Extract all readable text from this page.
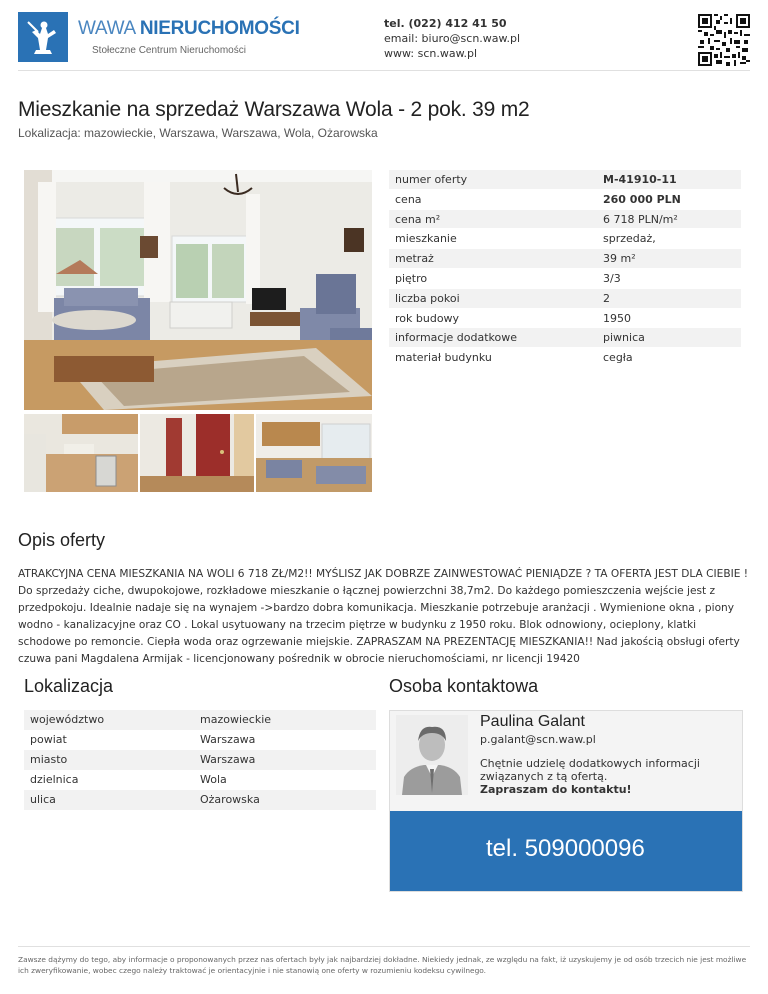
WAWA NIERUCHOMOŚCI
Stołeczne Centrum Nieruchomości
tel. (022) 412 41 50
email: biuro@scn.waw.pl
www: scn.waw.pl
Mieszkanie na sprzedaż Warszawa Wola - 2 pok. 39 m2
Lokalizacja: mazowieckie, Warszawa, Warszawa, Wola, Ożarowska
numer oferty	M-41910-11
cena	260 000 PLN
cena m²	6 718 PLN/m²
mieszkanie	sprzedaż,
metraż	39 m²
piętro	3/3
liczba pokoi	2
rok budowy	1950
informacje dodatkowe	piwnica
materiał budynku	cegła
Opis oferty
ATRAKCYJNA CENA MIESZKANIA NA WOLI 6 718 ZŁ/M2!! MYŚLISZ JAK DOBRZE ZAINWESTOWAĆ PIENIĄDZE ? TA OFERTA JEST DLA CIEBIE ! Do sprzedaży ciche, dwupokojowe, rozkładowe mieszkanie o łącznej powierzchni 38,7m2. Do każdego pomieszczenia wejście jest z przedpokoju. Idealnie nadaje się na wynajem ->bardzo dobra komunikacja. Mieszkanie potrzebuje aranżacji . Wymienione okna , piony wodno - kanalizacyjne oraz CO . Lokal usytuowany na trzecim piętrze w budynku z 1950 roku. Blok odnowiony, ocieplony, klatki schodowe po remoncie. Ciepła woda oraz ogrzewanie miejskie. ZAPRASZAM NA PREZENTACJĘ MIESZKANIA!! Nad jakością obsługi oferty czuwa pani Magdalena Armijak - licencjonowany pośrednik w obrocie nieruchomościami, nr licencji 19420
Lokalizacja
województwo	mazowieckie
powiat	Warszawa
miasto	Warszawa
dzielnica	Wola
ulica	Ożarowska
Osoba kontaktowa
Paulina Galant
p.galant@scn.waw.pl
Chętnie udzielę dodatkowych informacji związanych z tą ofertą.
Zapraszam do kontaktu!
tel. 509000096
Zawsze dążymy do tego, aby informacje o proponowanych przez nas ofertach były jak najbardziej dokładne. Niekiedy jednak, ze względu na fakt, iż uzyskujemy je od osób trzecich nie jest możliwe ich zweryfikowanie, wobec czego należy traktować je orientacyjnie i nie stanowią one oferty w rozumieniu kodeksu cywilnego.
